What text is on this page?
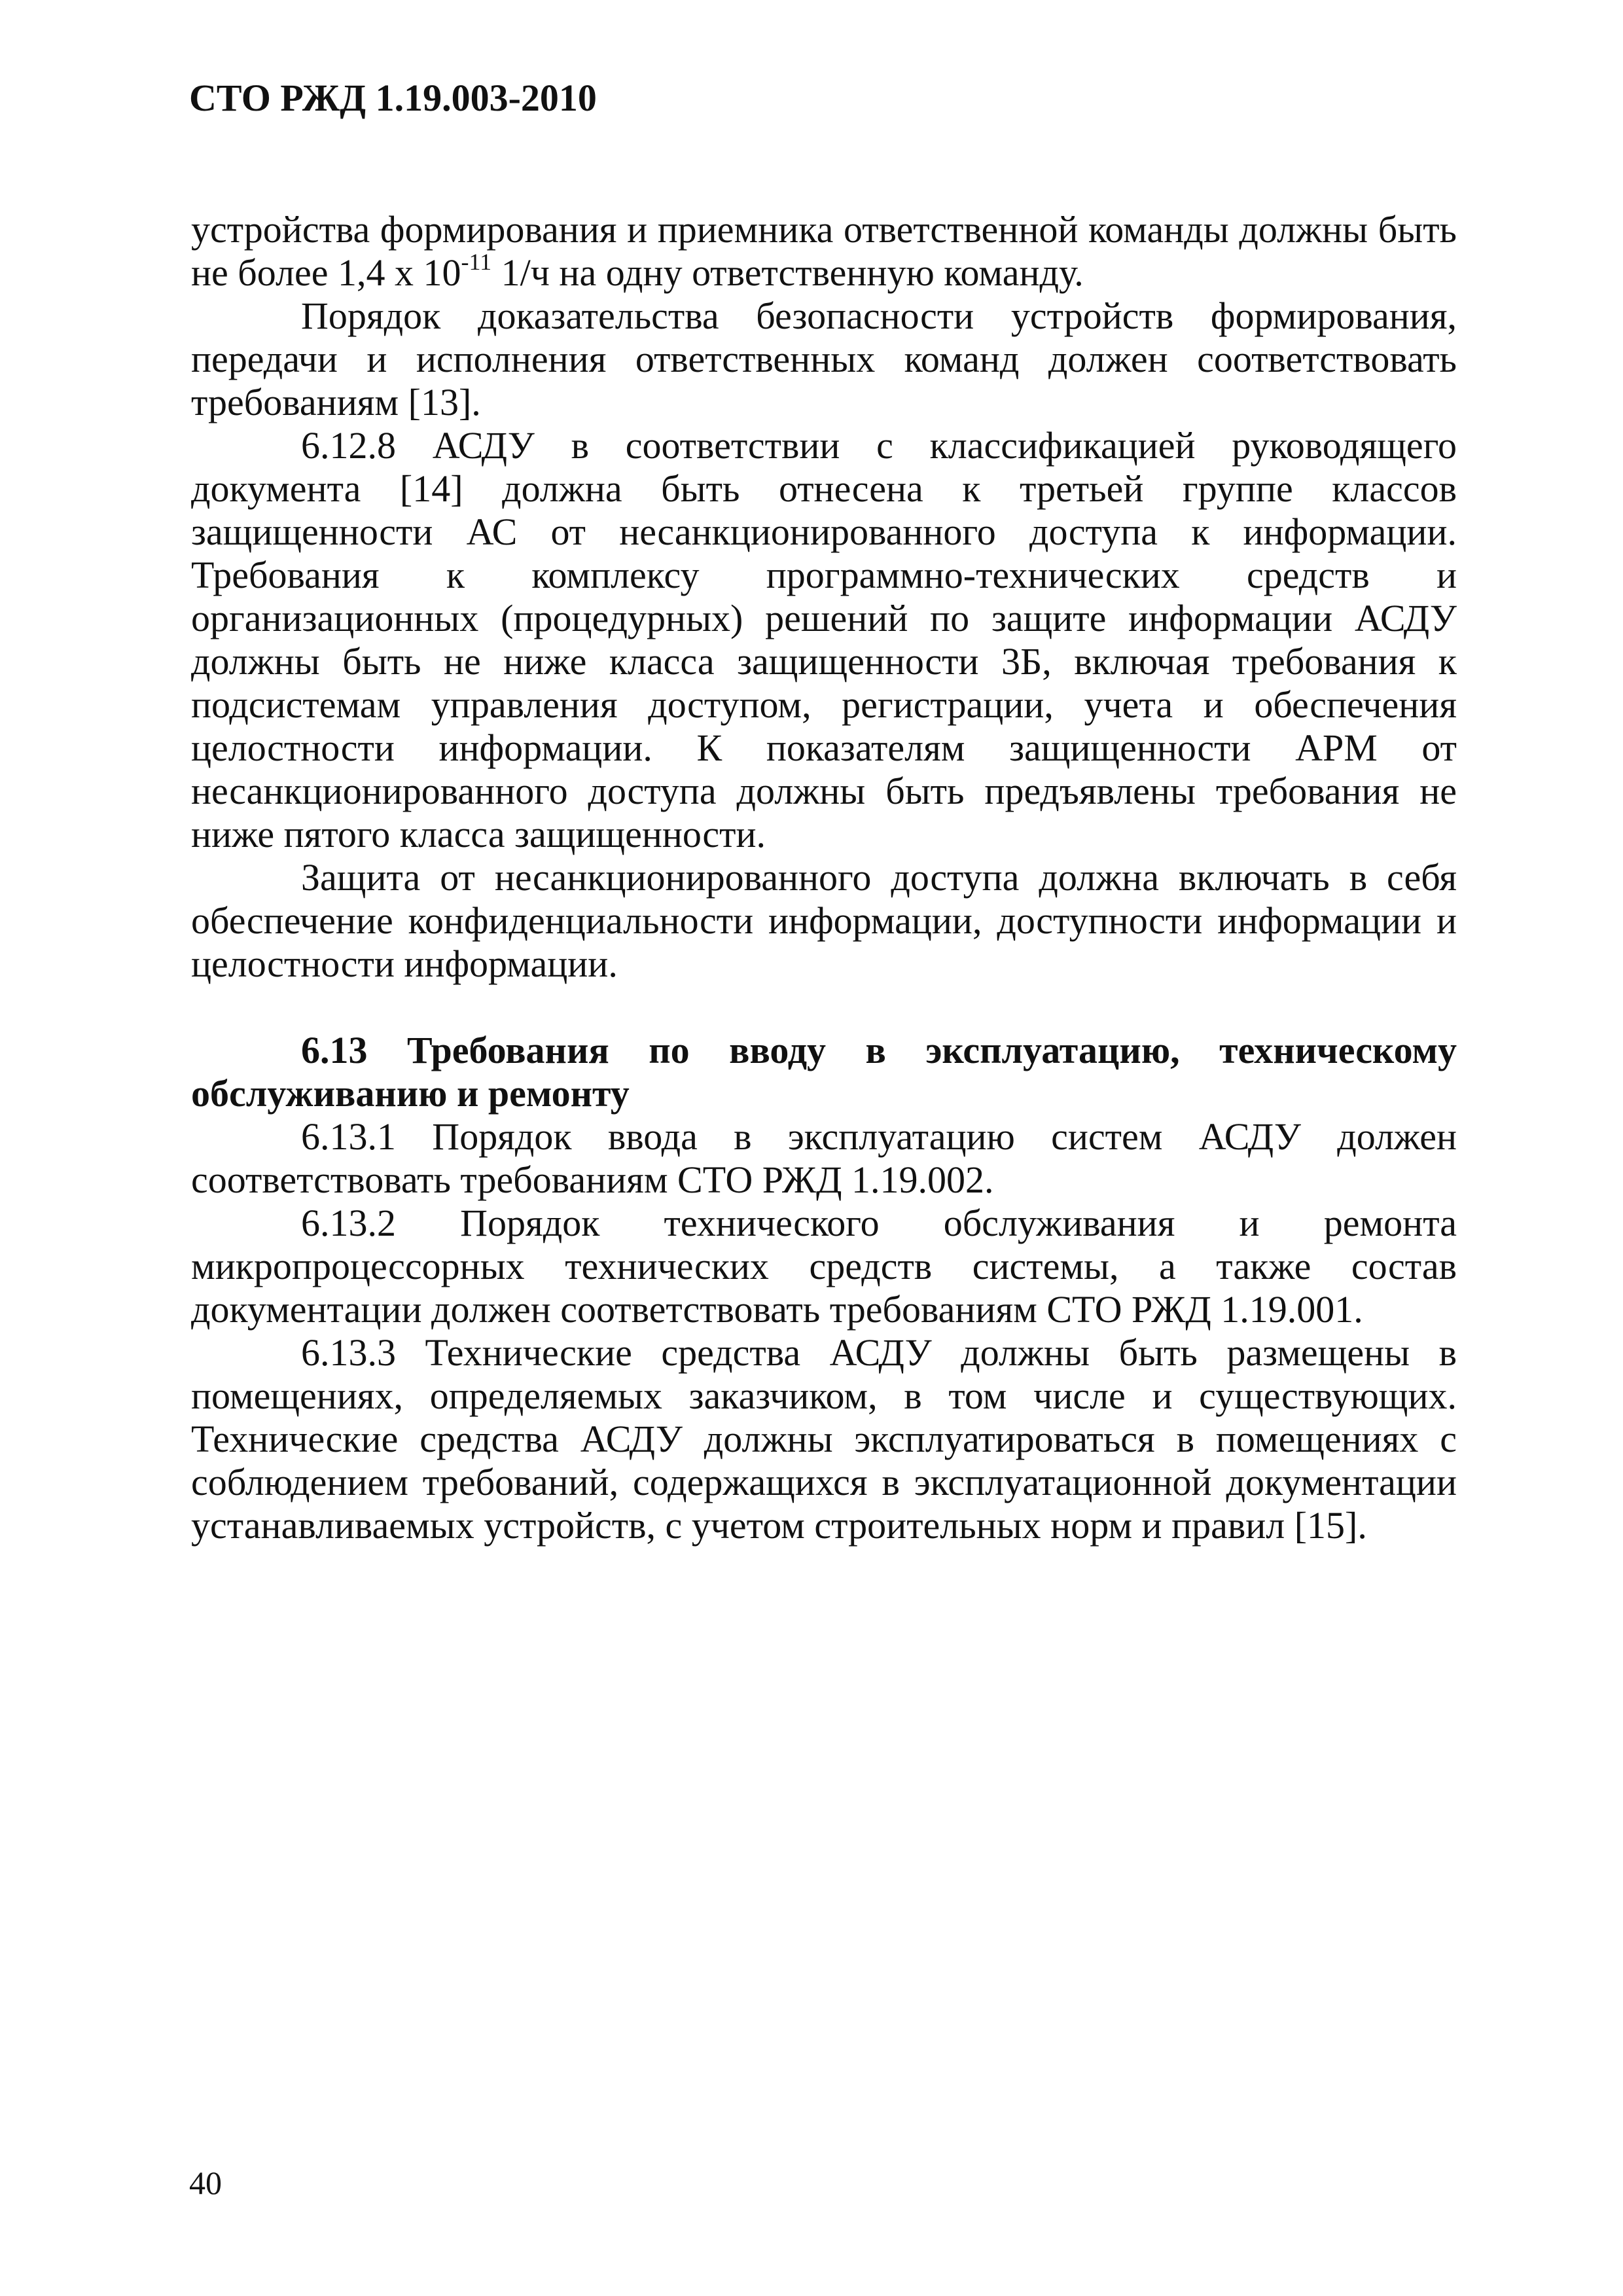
СТО РЖД 1.19.003-2010

устройства формирования и приемника ответственной команды должны быть не более 1,4 х $10^{-11}$ 1/ч на одну ответственную команду.

Порядок доказательства безопасности устройств формирования, передачи и исполнения ответственных команд должен соответствовать требованиям [13].

6.12.8 АСДУ в соответствии с классификацией руководящего документа [14] должна быть отнесена к третьей группе классов защищенности АС от несанкционированного доступа к информации. Требования к комплексу программно-технических средств и организационных (процедурных) решений по защите информации АСДУ должны быть не ниже класса защищенности 3Б, включая требования к подсистемам управления доступом, регистрации, учета и обеспечения целостности информации. К показателям защищенности АРМ от несанкционированного доступа должны быть предъявлены требования не ниже пятого класса защищенности.

Защита от несанкционированного доступа должна включать в себя обеспечение конфиденциальности информации, доступности информации и целостности информации.

6.13 Требования по вводу в эксплуатацию, техническому обслуживанию и ремонту

6.13.1 Порядок ввода в эксплуатацию систем АСДУ должен соответствовать требованиям СТО РЖД 1.19.002.

6.13.2 Порядок технического обслуживания и ремонта микропроцессорных технических средств системы, а также состав документации должен соответствовать требованиям СТО РЖД 1.19.001.

6.13.3 Технические средства АСДУ должны быть размещены в помещениях, определяемых заказчиком, в том числе и существующих. Технические средства АСДУ должны эксплуатироваться в помещениях с соблюдением требований, содержащихся в эксплуатационной документации устанавливаемых устройств, с учетом строительных норм и правил [15].

40
